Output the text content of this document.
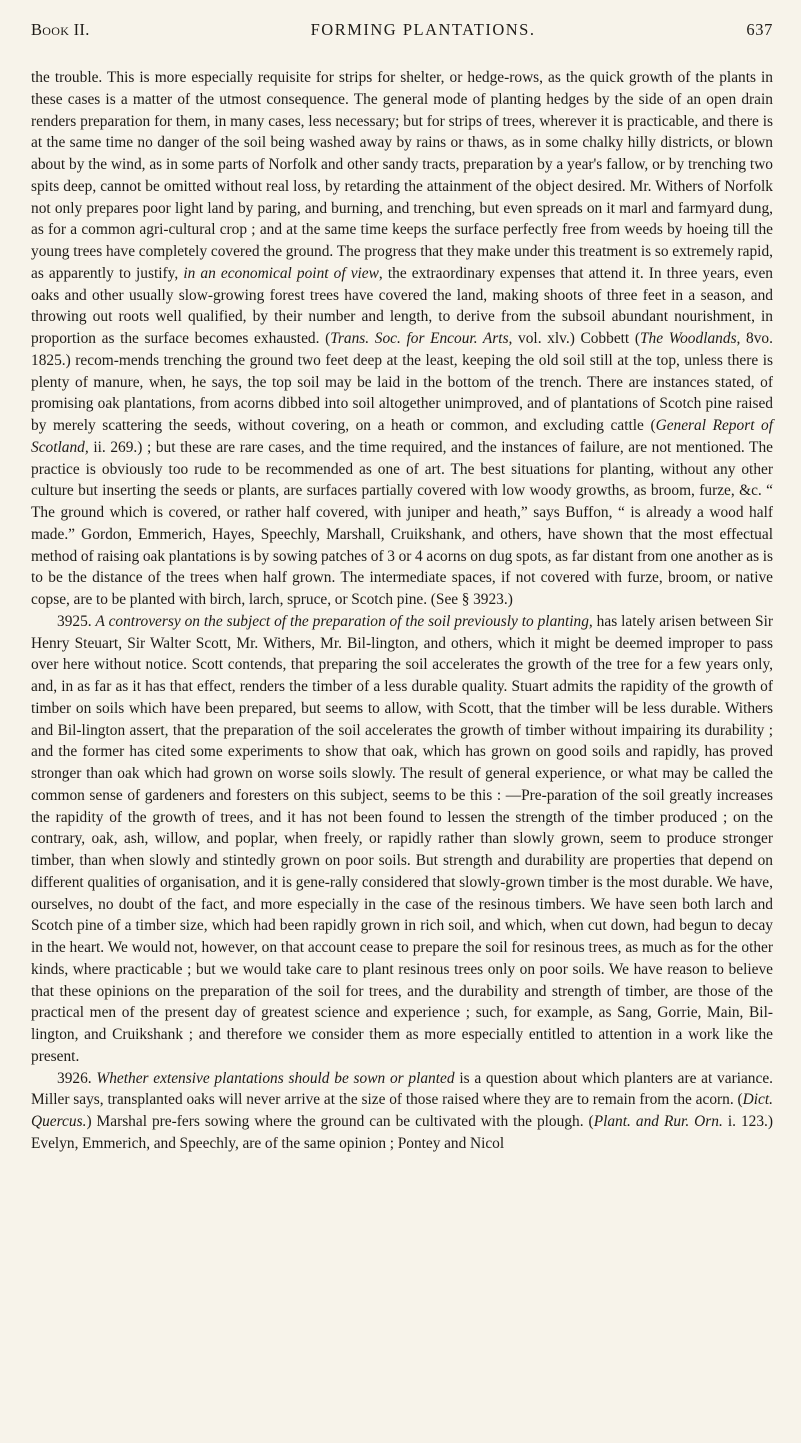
Book II.	FORMING PLANTATIONS.	637

the trouble. This is more especially requisite for strips for shelter, or hedge-rows, as the quick growth of the plants in these cases is a matter of the utmost consequence. The general mode of planting hedges by the side of an open drain renders preparation for them, in many cases, less necessary; but for strips of trees, wherever it is practicable, and there is at the same time no danger of the soil being washed away by rains or thaws, as in some chalky hilly districts, or blown about by the wind, as in some parts of Norfolk and other sandy tracts, preparation by a year's fallow, or by trenching two spits deep, cannot be omitted without real loss, by retarding the attainment of the object desired. Mr. Withers of Norfolk not only prepares poor light land by paring, and burning, and trenching, but even spreads on it marl and farmyard dung, as for a common agri-cultural crop ; and at the same time keeps the surface perfectly free from weeds by hoeing till the young trees have completely covered the ground. The progress that they make under this treatment is so extremely rapid, as apparently to justify, in an economical point of view, the extraordinary expenses that attend it. In three years, even oaks and other usually slow-growing forest trees have covered the land, making shoots of three feet in a season, and throwing out roots well qualified, by their number and length, to derive from the subsoil abundant nourishment, in proportion as the surface becomes exhausted. (Trans. Soc. for Encour. Arts, vol. xlv.) Cobbett (The Woodlands, 8vo. 1825.) recom-mends trenching the ground two feet deep at the least, keeping the old soil still at the top, unless there is plenty of manure, when, he says, the top soil may be laid in the bottom of the trench. There are instances stated, of promising oak plantations, from acorns dibbed into soil altogether unimproved, and of plantations of Scotch pine raised by merely scattering the seeds, without covering, on a heath or common, and excluding cattle (General Report of Scotland, ii. 269.) ; but these are rare cases, and the time required, and the instances of failure, are not mentioned. The practice is obviously too rude to be recommended as one of art. The best situations for planting, without any other culture but inserting the seeds or plants, are surfaces partially covered with low woody growths, as broom, furze, &c. “ The ground which is covered, or rather half covered, with juniper and heath,” says Buffon, “ is already a wood half made.” Gordon, Emmerich, Hayes, Speechly, Marshall, Cruikshank, and others, have shown that the most effectual method of raising oak plantations is by sowing patches of 3 or 4 acorns on dug spots, as far distant from one another as is to be the distance of the trees when half grown. The intermediate spaces, if not covered with furze, broom, or native copse, are to be planted with birch, larch, spruce, or Scotch pine. (See § 3923.)

3925. A controversy on the subject of the preparation of the soil previously to planting, has lately arisen between Sir Henry Steuart, Sir Walter Scott, Mr. Withers, Mr. Bil-lington, and others, which it might be deemed improper to pass over here without notice. Scott contends, that preparing the soil accelerates the growth of the tree for a few years only, and, in as far as it has that effect, renders the timber of a less durable quality. Stuart admits the rapidity of the growth of timber on soils which have been prepared, but seems to allow, with Scott, that the timber will be less durable. Withers and Bil-lington assert, that the preparation of the soil accelerates the growth of timber without impairing its durability ; and the former has cited some experiments to show that oak, which has grown on good soils and rapidly, has proved stronger than oak which had grown on worse soils slowly. The result of general experience, or what may be called the common sense of gardeners and foresters on this subject, seems to be this : —Pre-paration of the soil greatly increases the rapidity of the growth of trees, and it has not been found to lessen the strength of the timber produced ; on the contrary, oak, ash, willow, and poplar, when freely, or rapidly rather than slowly grown, seem to produce stronger timber, than when slowly and stintedly grown on poor soils. But strength and durability are properties that depend on different qualities of organisation, and it is gene-rally considered that slowly-grown timber is the most durable. We have, ourselves, no doubt of the fact, and more especially in the case of the resinous timbers. We have seen both larch and Scotch pine of a timber size, which had been rapidly grown in rich soil, and which, when cut down, had begun to decay in the heart. We would not, however, on that account cease to prepare the soil for resinous trees, as much as for the other kinds, where practicable ; but we would take care to plant resinous trees only on poor soils. We have reason to believe that these opinions on the preparation of the soil for trees, and the durability and strength of timber, are those of the practical men of the present day of greatest science and experience ; such, for example, as Sang, Gorrie, Main, Bil-lington, and Cruikshank ; and therefore we consider them as more especially entitled to attention in a work like the present.

3926. Whether extensive plantations should be sown or planted is a question about which planters are at variance. Miller says, transplanted oaks will never arrive at the size of those raised where they are to remain from the acorn. (Dict. Quercus.) Marshal pre-fers sowing where the ground can be cultivated with the plough. (Plant. and Rur. Orn. i. 123.) Evelyn, Emmerich, and Speechly, are of the same opinion ; Pontey and Nicol
